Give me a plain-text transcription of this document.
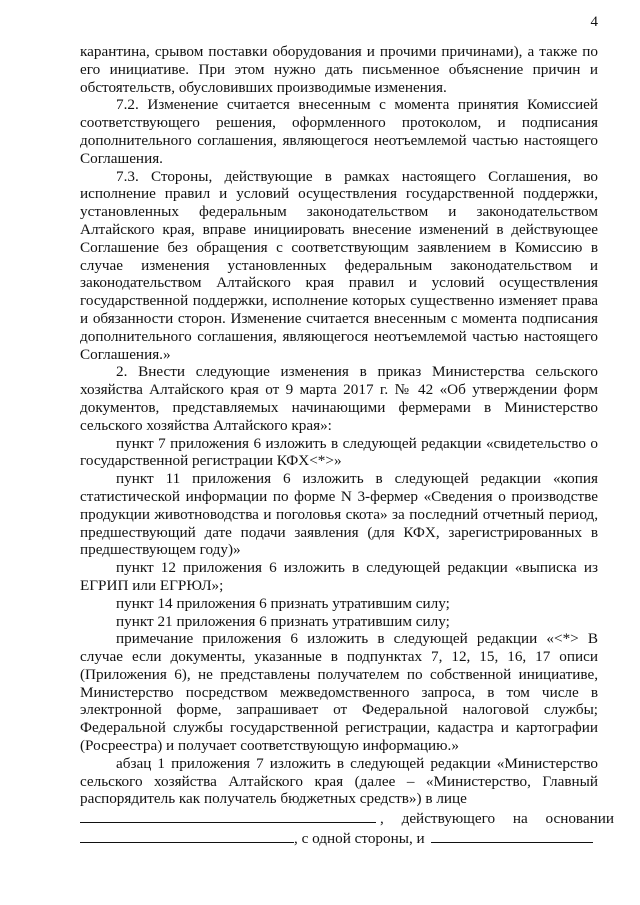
4

карантина, срывом поставки оборудования и прочими причинами), а также по его инициативе. При этом нужно дать письменное объяснение причин и обстоятельств, обусловивших производимые изменения.

7.2. Изменение считается внесенным с момента принятия Комиссией соответствующего решения, оформленного протоколом, и подписания дополнительного соглашения, являющегося неотъемлемой частью настоящего Соглашения.

7.3. Стороны, действующие в рамках настоящего Соглашения, во исполнение правил и условий осуществления государственной поддержки, установленных федеральным законодательством и законодательством Алтайского края, вправе инициировать внесение изменений в действующее Соглашение без обращения с соответствующим заявлением в Комиссию в случае изменения установленных федеральным законодательством и законодательством Алтайского края правил и условий осуществления государственной поддержки, исполнение которых существенно изменяет права и обязанности сторон. Изменение считается внесенным с момента подписания дополнительного соглашения, являющегося неотъемлемой частью настоящего Соглашения.»

2. Внести следующие изменения в приказ Министерства сельского хозяйства Алтайского края от 9 марта 2017 г. № 42 «Об утверждении форм документов, представляемых начинающими фермерами в Министерство сельского хозяйства Алтайского края»:

пункт 7 приложения 6 изложить в следующей редакции «свидетельство о государственной регистрации КФХ<*>»

пункт 11 приложения 6 изложить в следующей редакции «копия статистической информации по форме N 3-фермер «Сведения о производстве продукции животноводства и поголовья скота» за последний отчетный период, предшествующий дате подачи заявления (для КФХ, зарегистрированных в предшествующем году)»

пункт 12 приложения 6 изложить в следующей редакции «выписка из ЕГРИП или ЕГРЮЛ»;

пункт 14 приложения 6 признать утратившим силу;

пункт 21 приложения 6 признать утратившим силу;

примечание приложения 6 изложить в следующей редакции «<*> В случае если документы, указанные в подпунктах 7, 12, 15, 16, 17 описи (Приложения 6), не представлены получателем по собственной инициативе, Министерство посредством межведомственного запроса, в том числе в электронной форме, запрашивает от Федеральной налоговой службы; Федеральной службы государственной регистрации, кадастра и картографии (Росреестра) и получает соответствующую информацию.»

абзац 1 приложения 7 изложить в следующей редакции «Министерство сельского хозяйства Алтайского края (далее – «Министерство, Главный распорядитель как получатель бюджетных средств») в лице

, действующего на основании

, с одной стороны, и
